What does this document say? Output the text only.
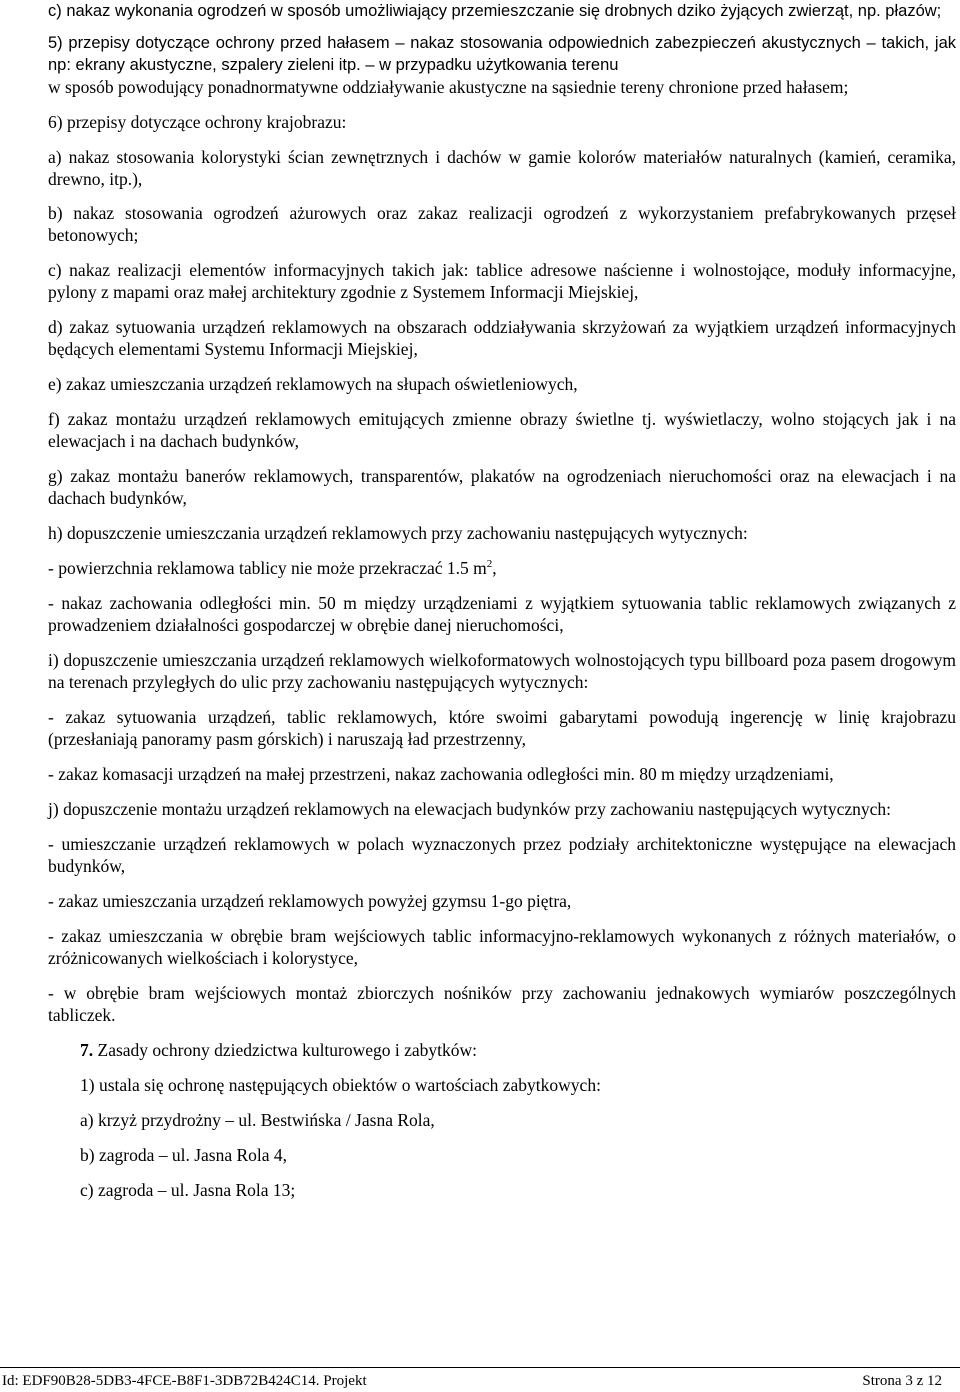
c) nakaz wykonania ogrodzeń w sposób umożliwiający przemieszczanie się drobnych dziko żyjących zwierząt, np. płazów;

5) przepisy dotyczące ochrony przed hałasem – nakaz stosowania odpowiednich zabezpieczeń akustycznych – takich, jak np: ekrany akustyczne, szpalery zieleni itp. – w przypadku użytkowania terenu

w sposób powodujący ponadnormatywne oddziaływanie akustyczne na sąsiednie tereny chronione przed hałasem;

6) przepisy dotyczące ochrony krajobrazu:

a) nakaz stosowania kolorystyki ścian zewnętrznych i dachów w gamie kolorów materiałów naturalnych (kamień, ceramika, drewno, itp.),

b) nakaz stosowania ogrodzeń ażurowych oraz zakaz realizacji ogrodzeń z wykorzystaniem prefabrykowanych przęseł betonowych;

c) nakaz realizacji elementów informacyjnych takich jak: tablice adresowe naścienne i wolnostojące, moduły informacyjne, pylony z mapami oraz małej architektury zgodnie z Systemem Informacji Miejskiej,

d) zakaz sytuowania urządzeń reklamowych na obszarach oddziaływania skrzyżowań za wyjątkiem urządzeń informacyjnych będących elementami Systemu Informacji Miejskiej,

e) zakaz umieszczania urządzeń reklamowych na słupach oświetleniowych,

f) zakaz montażu urządzeń reklamowych emitujących zmienne obrazy świetlne tj. wyświetlaczy, wolno stojących jak i na elewacjach i na dachach budynków,

g) zakaz montażu banerów reklamowych, transparentów, plakatów na ogrodzeniach nieruchomości oraz na elewacjach i na dachach budynków,

h) dopuszczenie umieszczania urządzeń reklamowych przy zachowaniu następujących wytycznych:

- powierzchnia reklamowa tablicy nie może przekraczać 1.5 $m^2$,

- nakaz zachowania odległości min. 50 m między urządzeniami z wyjątkiem sytuowania tablic reklamowych związanych z prowadzeniem działalności gospodarczej w obrębie danej nieruchomości,

i) dopuszczenie umieszczania urządzeń reklamowych wielkoformatowych wolnostojących typu billboard poza pasem drogowym na terenach przyległych do ulic przy zachowaniu następujących wytycznych:

- zakaz sytuowania urządzeń, tablic reklamowych, które swoimi gabarytami powodują ingerencję w linię krajobrazu (przesłaniają panoramy pasm górskich) i naruszają ład przestrzenny,

- zakaz komasacji urządzeń na małej przestrzeni, nakaz zachowania odległości min. 80 m między urządzeniami,

j) dopuszczenie montażu urządzeń reklamowych na elewacjach budynków przy zachowaniu następujących wytycznych:

- umieszczanie urządzeń reklamowych w polach wyznaczonych przez podziały architektoniczne występujące na elewacjach budynków,

- zakaz umieszczania urządzeń reklamowych powyżej gzymsu 1-go piętra,

- zakaz umieszczania w obrębie bram wejściowych tablic informacyjno-reklamowych wykonanych z różnych materiałów, o zróżnicowanych wielkościach i kolorystyce,

- w obrębie bram wejściowych montaż zbiorczych nośników przy zachowaniu jednakowych wymiarów poszczególnych tabliczek.

7. Zasady ochrony dziedzictwa kulturowego i zabytków:

1) ustala się ochronę następujących obiektów o wartościach zabytkowych:

a) krzyż przydrożny – ul. Bestwińska / Jasna Rola,

b) zagroda – ul. Jasna Rola 4,

c) zagroda – ul. Jasna Rola 13;

Id: EDF90B28-5DB3-4FCE-B8F1-3DB72B424C14. Projekt	Strona 3 z 12
